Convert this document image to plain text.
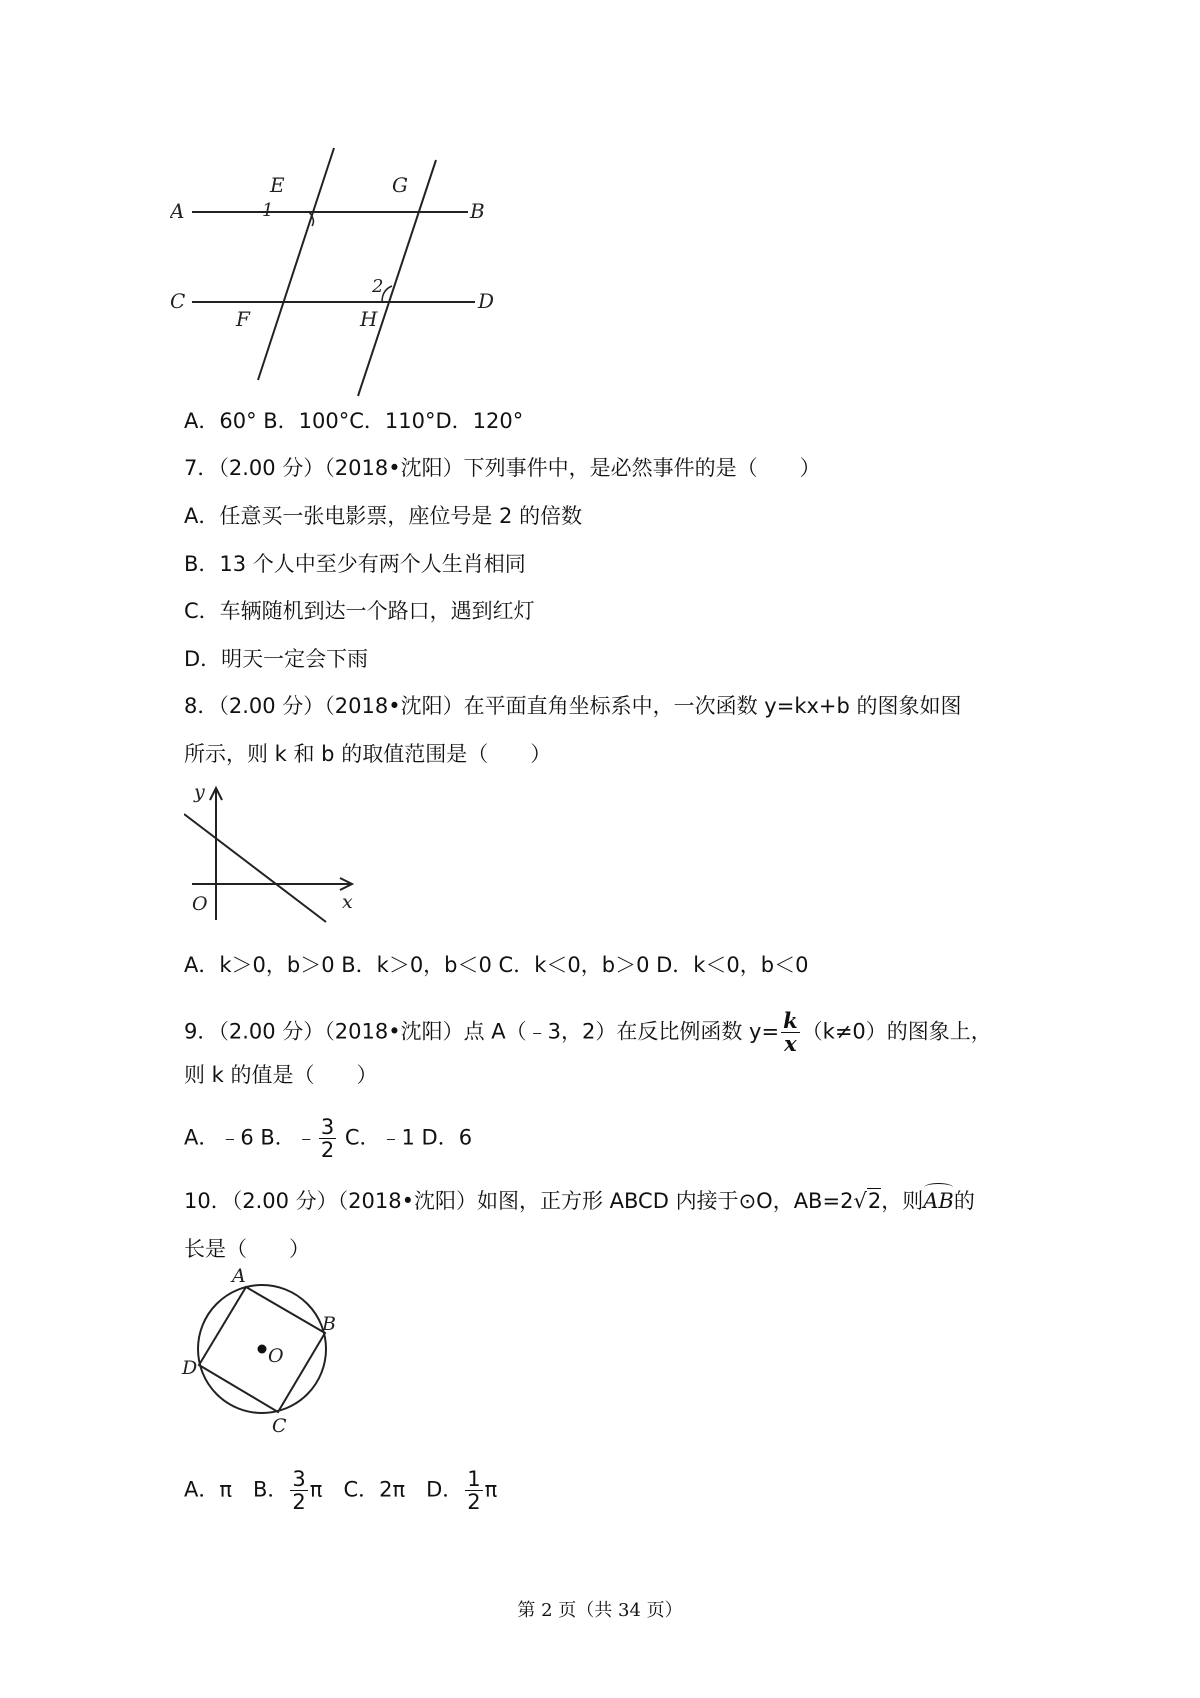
A	B
E	G
1
C	D
F	H
2
A．60° B．100°C．110°D．120°
7．（2.00 分）（2018•沈阳）下列事件中，是必然事件的是（　　）
A．任意买一张电影票，座位号是 2 的倍数
B．13 个人中至少有两个人生肖相同
C．车辆随机到达一个路口，遇到红灯
D．明天一定会下雨
8．（2.00 分）（2018•沈阳）在平面直角坐标系中，一次函数 y=kx+b 的图象如图
所示，则 k 和 b 的取值范围是（　　）
y
x
O
A．k＞0，b＞0 B．k＞0，b＜0 C．k＜0，b＞0 D．k＜0，b＜0
9．（2.00 分）（2018•沈阳）点 A（﹣3，2）在反比例函数 $y= \frac{k}{x} (k\ne 0)$的图象上，
则 k 的值是（　　）
A．﹣6 B．﹣ $\frac{3}{2}$ C．﹣1 D．6
10．（2.00 分）（2018•沈阳）如图，正方形 ABCD 内接于⊙O，AB=2√2，则AB的
长是（　　）
A
B
C
D
O
A．π　B． $\frac{3}{2}$ π　 C．2π　D． $\frac{1}{2}$ π
第 2 页（共 34 页）
